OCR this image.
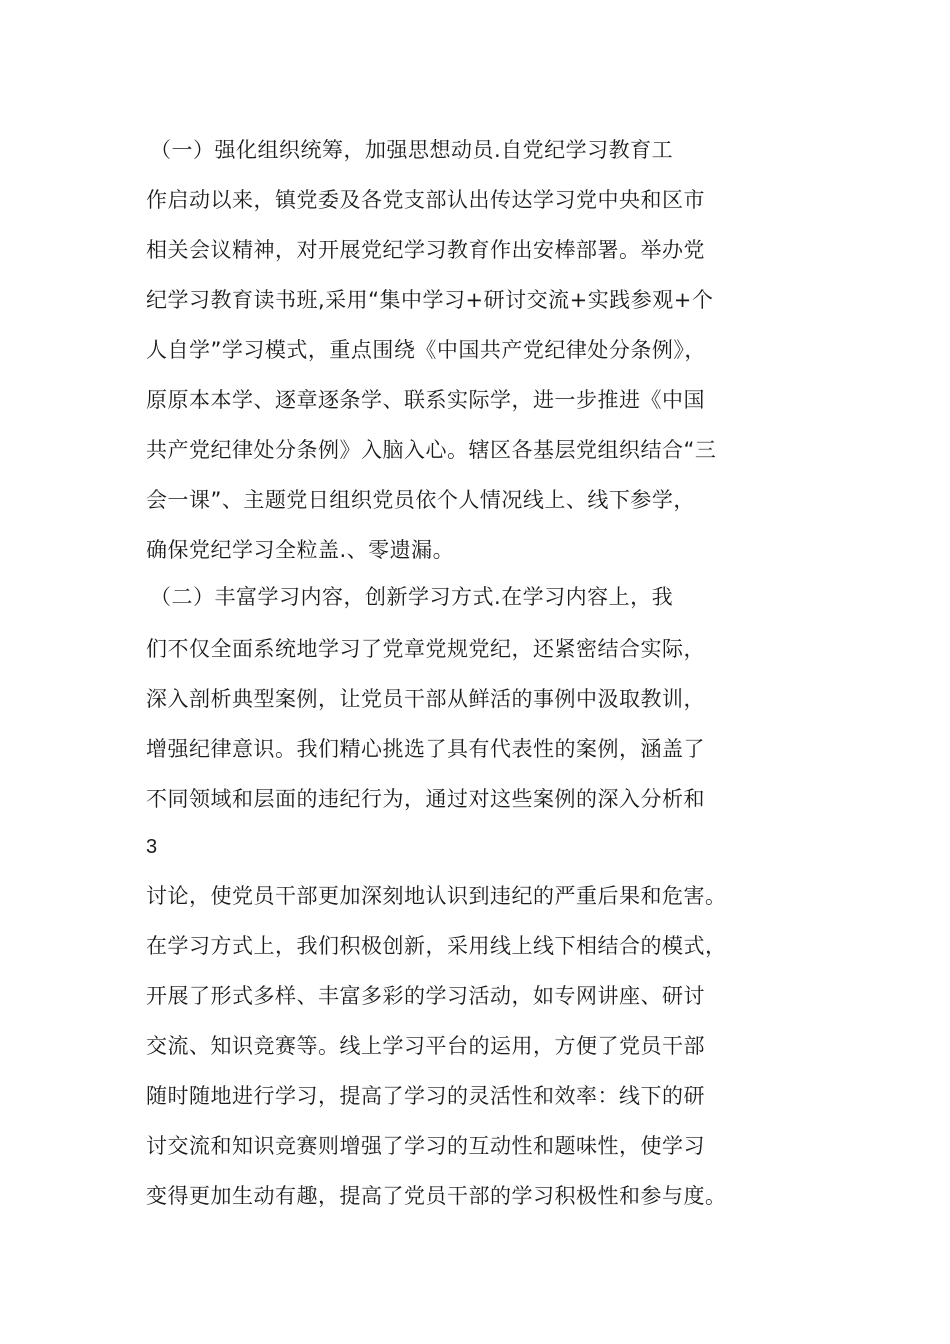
（一）强化组织统筹，加强思想动员.自党纪学习教育工
作启动以来，镇党委及各党支部认出传达学习党中央和区市
相关会议精神，对开展党纪学习教育作出安棒部署。举办党
纪学习教育读书班,采用“集中学习+研讨交流+实践参观+个
人自学”学习模式，重点围绕《中国共产党纪律处分条例》，
原原本本学、逐章逐条学、联系实际学，进一步推进《中国
共产党纪律处分条例》入脑入心。辖区各基层党组织结合“三
会一课”、主题党日组织党员依个人情况线上、线下参学，
确保党纪学习全粒盖.、零遗漏。
（二）丰富学习内容，创新学习方式.在学习内容上，我
们不仅全面系统地学习了党章党规党纪，还紧密结合实际，
深入剖析典型案例，让党员干部从鲜活的事例中汲取教训，
增强纪律意识。我们精心挑选了具有代表性的案例，涵盖了
不同领域和层面的违纪行为，通过对这些案例的深入分析和
3
讨论，使党员干部更加深刻地认识到违纪的严重后果和危害。
在学习方式上，我们积极创新，采用线上线下相结合的模式，
开展了形式多样、丰富多彩的学习活动，如专网讲座、研讨
交流、知识竞赛等。线上学习平台的运用，方便了党员干部
随时随地进行学习，提高了学习的灵活性和效率：线下的研
讨交流和知识竞赛则增强了学习的互动性和题味性，使学习
变得更加生动有趣，提高了党员干部的学习积极性和参与度。
